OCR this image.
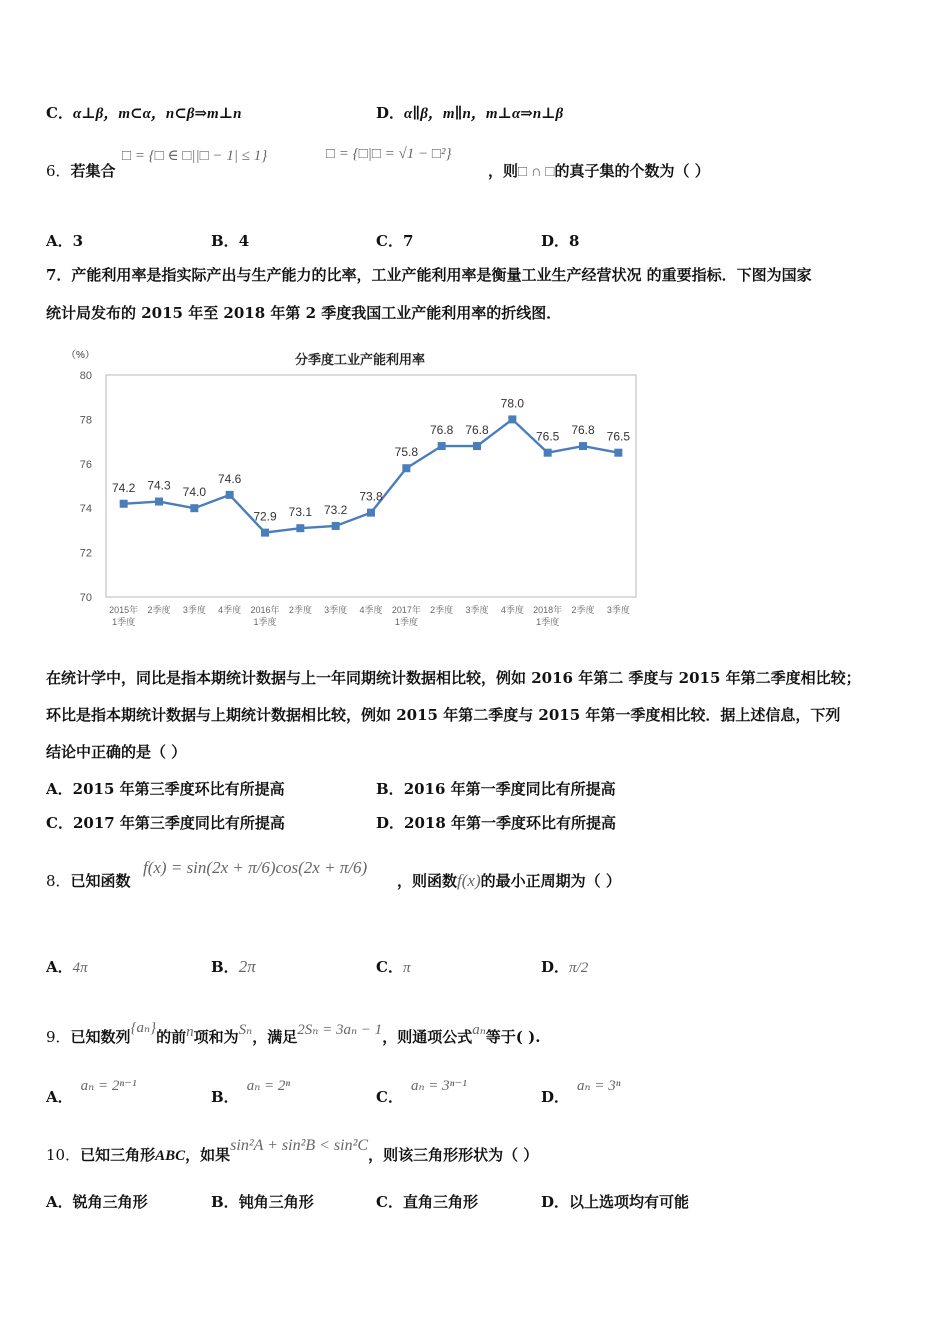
C．α⊥β，m⊂α，n⊂β⇒m⊥n	D．α∥β，m∥n，m⊥α⇒n⊥β
6．若集合
□ = {□ ∈ □||□ − 1| ≤ 1}	□ = {□|□ = √1 − □²}
，则□ ∩ □的真子集的个数为（ ）
A．3	B．4	C．7	D．8
7．产能利用率是指实际产出与生产能力的比率，工业产能利用率是衡量工业生产经营状况 的重要指标．下图为国家
统计局发布的 2015 年至 2018 年第 2 季度我国工业产能利用率的折线图．
（%）	分季度工业产能利用率
70
72
74
76
78
80
2015年
1季度
2季度 3季度 4季度 2016年
1季度
2季度 3季度 4季度 2017年
1季度
2季度 3季度 4季度 2018年
1季度
2季度 3季度
74.2 74.3 74.0
74.6
72.9 73.1 73.2
73.8
75.8
76.8 76.8
78.0
76.5 76.8 76.5
在统计学中，同比是指本期统计数据与上一年同期统计数据相比较，例如 2016 年第二 季度与 2015 年第二季度相比较；
环比是指本期统计数据与上期统计数据相比较，例如 2015 年第二季度与 2015 年第一季度相比较．据上述信息，下列
结论中正确的是（ ）
A．2015 年第三季度环比有所提高	B．2016 年第一季度同比有所提高
C．2017 年第三季度同比有所提高	D．2018 年第一季度环比有所提高
8．已知函数
f(x) = sin(2x + π/6)cos(2x + π/6)
，则函数f(x)的最小正周期为（ ）
A．4π	B．2π	C．π	D．π/2
9．已知数列{aₙ}的前n项和为Sₙ，满足2Sₙ = 3aₙ − 1，则通项公式aₙ等于( ).
A．aₙ = 2ⁿ⁻¹
B．aₙ = 2ⁿ
C．aₙ = 3ⁿ⁻¹
D．aₙ = 3ⁿ
10．已知三角形ABC，如果sin²A + sin²B < sin²C，则该三角形形状为（ ）
A．锐角三角形	B．钝角三角形	C．直角三角形	D．以上选项均有可能
